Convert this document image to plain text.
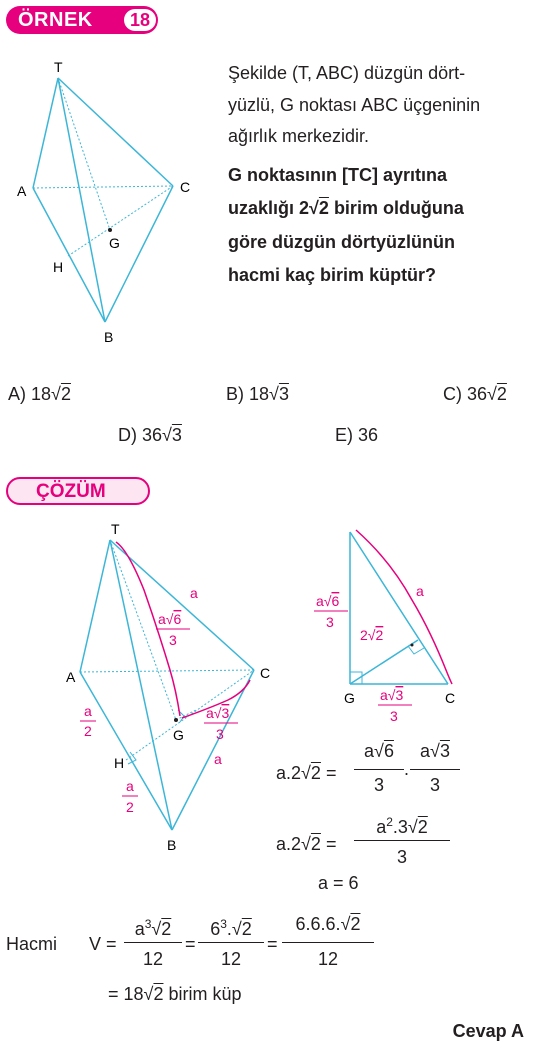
ÖRNEK	18
T
A	C
B
G
H
Şekilde (T, ABC) düzgün dört-
yüzlü, G noktası ABC üçgeninin
ağırlık merkezidir.
G noktasının [TC] ayrıtına
uzaklığı 2√2 birim olduğuna
göre düzgün dörtyüzlünün
hacmi kaç birim küptür?
A) 18√2	B) 18√3	C) 36√2
D) 36√3	E) 36
ÇÖZÜM
T
A	C
B
G
H
a
a
a
2
a
2
a√6
3
a√3
3
G	C
a
2√2
a√6
3
a√3
3
a.2√2 =
a√6
3
.
a√3
3
a.2√2 =
$a^2.3√2$
3
a = 6
Hacmi V =
$a^3√2$
12
=
$6^3.√2$
12
=
6.6.6.√2
12
= 18√2 birim küp
Cevap A
